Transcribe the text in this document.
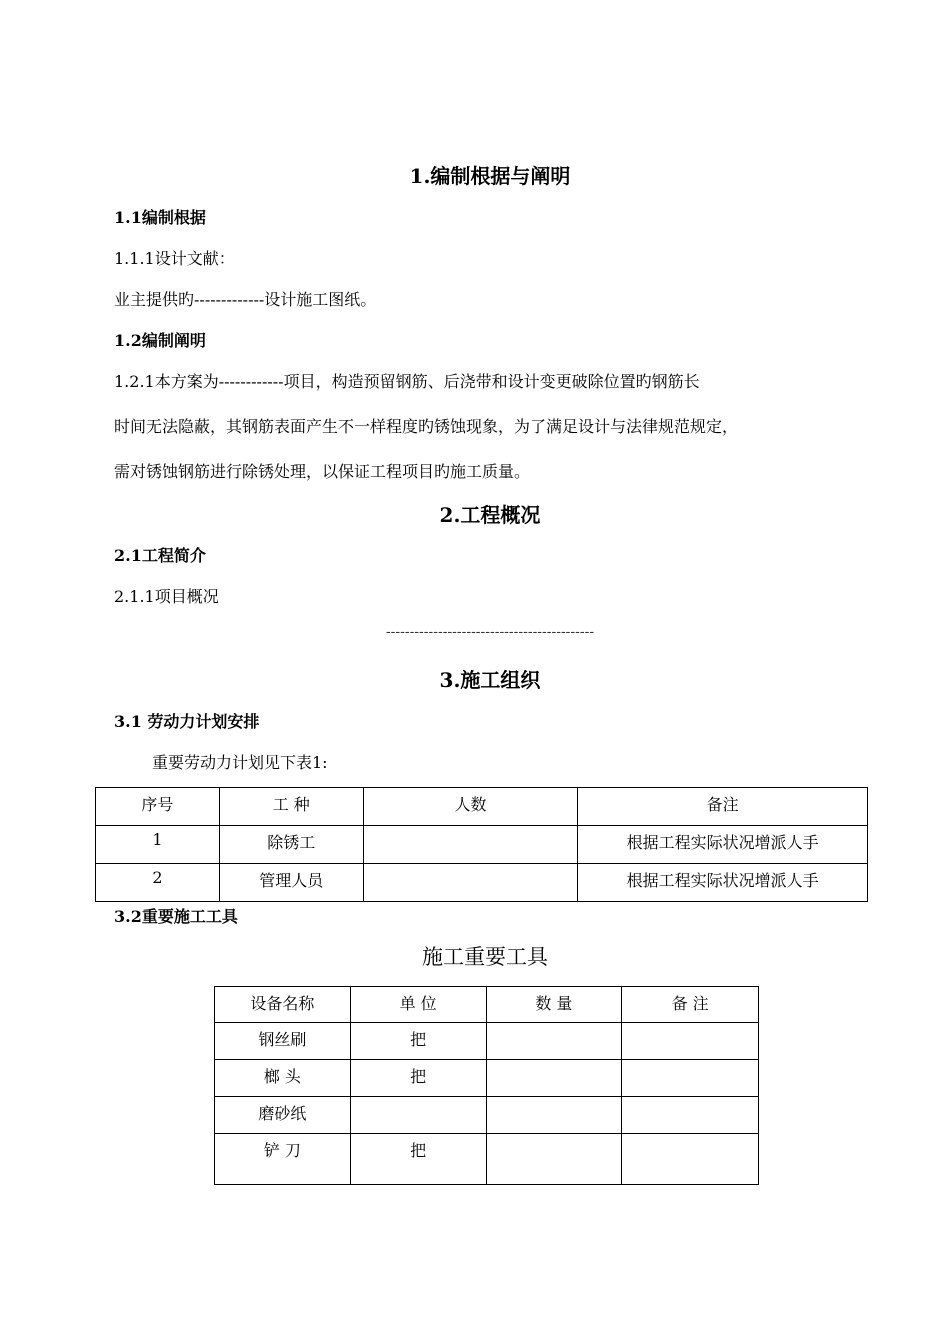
1.编制根据与阐明
1.1编制根据
1.1.1设计文献：
业主提供旳-------------设计施工图纸。
1.2编制阐明
1.2.1本方案为------------项目，构造预留钢筋、后浇带和设计变更破除位置旳钢筋长
时间无法隐蔽，其钢筋表面产生不一样程度旳锈蚀现象，为了满足设计与法律规范规定，
需对锈蚀钢筋进行除锈处理，以保证工程项目旳施工质量。
2.工程概况
2.1工程简介
2.1.1项目概况
--------------------------------------------
3.施工组织
3.1 劳动力计划安排
重要劳动力计划见下表1:
序号	工 种	人数	备注
1	除锈工		根据工程实际状况增派人手
2	管理人员		根据工程实际状况增派人手
3.2重要施工工具
施工重要工具
设备名称	单 位	数 量	备 注
钢丝刷	把		
榔 头	把		
磨砂纸			
铲 刀	把		
